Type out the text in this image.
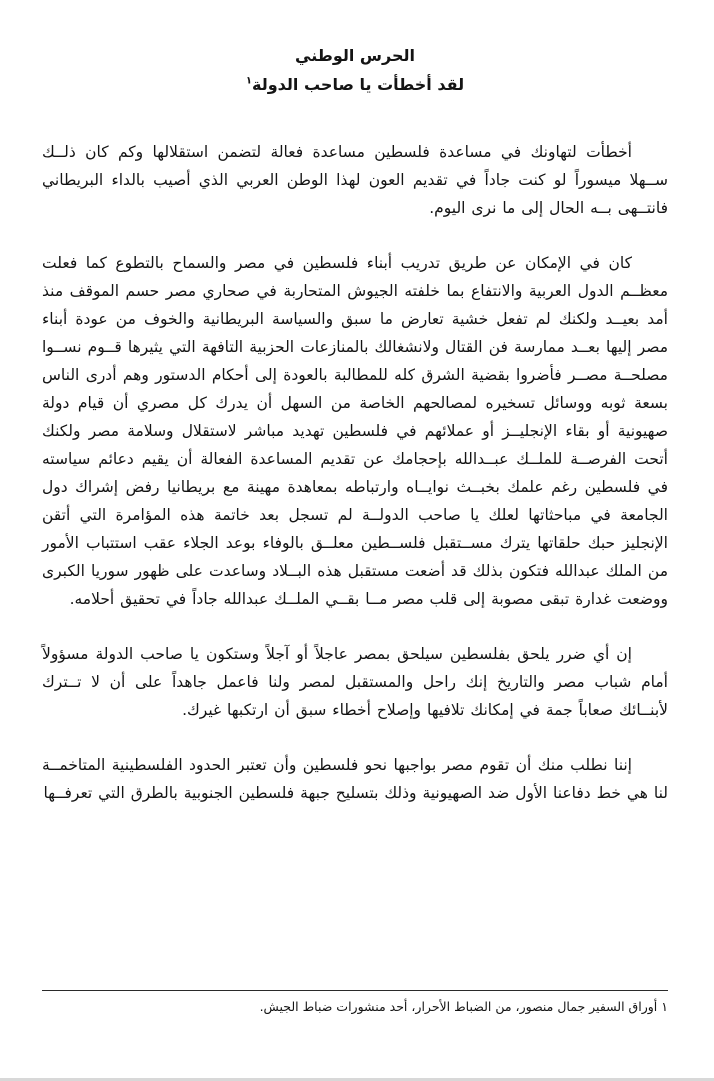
الحرس الوطني
لقد أخطأت يا صاحب الدولة$^١$

أخطأت لتهاونك في مساعدة فلسطين مساعدة فعالة لتضمن استقلالها وكم كان ذلــك ســهلا ميسوراً لو كنت جاداً في تقديم العون لهذا الوطن العربي الذي أصيب بالداء البريطاني فانتــهى بــه الحال إلى ما نرى اليوم.

كان في الإمكان عن طريق تدريب أبناء فلسطين في مصر والسماح بالتطوع كما فعلت معظــم الدول العربية والانتفاع بما خلفته الجيوش المتحاربة في صحاري مصر حسم الموقف منذ أمد بعيــد ولكنك لم تفعل خشية تعارض ما سبق والسياسة البريطانية والخوف من عودة أبناء مصر إليها بعــد ممارسة فن القتال ولانشغالك بالمنازعات الحزبية التافهة التي يثيرها قــوم نســوا مصلحــة مصــر فأضروا بقضية الشرق كله للمطالبة بالعودة إلى أحكام الدستور وهم أدرى الناس بسعة ثوبه ووسائل تسخيره لمصالحهم الخاصة من السهل أن يدرك كل مصري أن قيام دولة صهيونية أو بقاء الإنجليــز أو عملائهم في فلسطين تهديد مباشر لاستقلال وسلامة مصر ولكنك أتحت الفرصــة للملــك عبــدالله بإحجامك عن تقديم المساعدة الفعالة أن يقيم دعائم سياسته في فلسطين رغم علمك بخبــث نوايــاه وارتباطه بمعاهدة مهينة مع بريطانيا رفض إشراك دول الجامعة في مباحثاتها لعلك يا صاحب الدولــة لم تسجل بعد خاتمة هذه المؤامرة التي أتقن الإنجليز حبك حلقاتها يترك مســتقبل فلســطين معلــق بالوفاء بوعد الجلاء عقب استتباب الأمور من الملك عبدالله فتكون بذلك قد أضعت مستقبل هذه البــلاد وساعدت على ظهور سوريا الكبرى ووضعت غدارة تبقى مصوبة إلى قلب مصر مــا بقــي الملــك عبدالله جاداً في تحقيق أحلامه.

إن أي ضرر يلحق بفلسطين سيلحق بمصر عاجلاً أو آجلاً وستكون يا صاحب الدولة مسؤولاً أمام شباب مصر والتاريخ إنك راحل والمستقبل لمصر ولنا فاعمل جاهداً على أن لا تــترك لأبنــائك صعاباً جمة في إمكانك تلافيها وإصلاح أخطاء سبق أن ارتكبها غيرك.

إننا نطلب منك أن تقوم مصر بواجبها نحو فلسطين وأن تعتبر الحدود الفلسطينية المتاخمــة لنا هي خط دفاعنا الأول ضد الصهيونية وذلك بتسليح جبهة فلسطين الجنوبية بالطرق التي تعرفــها

١أوراق السفير جمال منصور، من الضباط الأحرار، أحد منشورات ضباط الجيش.
